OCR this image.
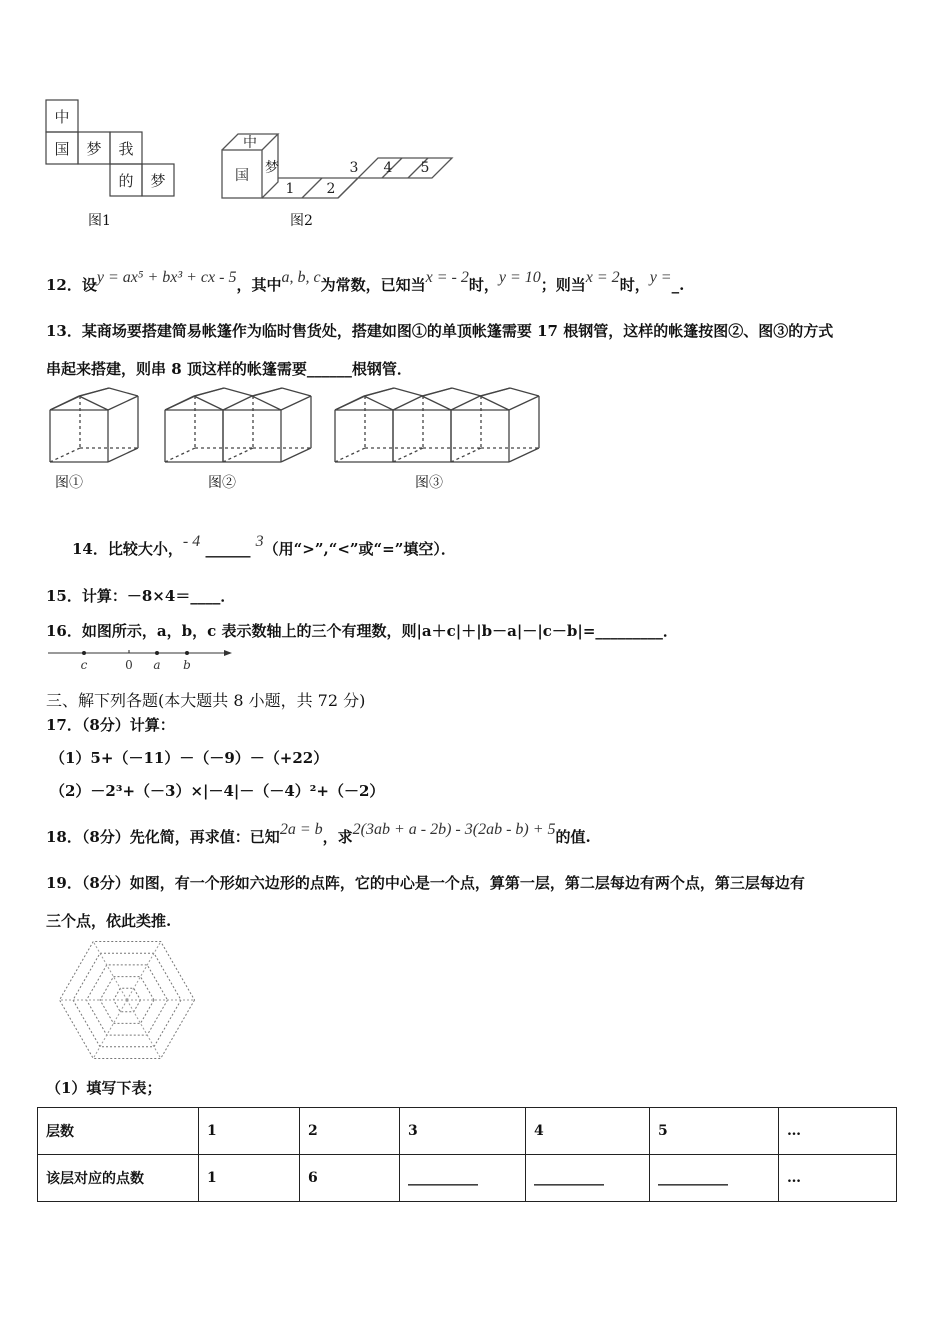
中
国 梦 我
的 梦
图1
国
中
梦
1 2
3 4 5
图2
12．设y = ax⁵ + bx³ + cx - 5，其中a, b, c为常数，已知当x = - 2时，y = 10；则当x = 2时，y =_.
13．某商场要搭建简易帐篷作为临时售货处，搭建如图①的单顶帐篷需要 17 根钢管，这样的帐篷按图②、图③的方式
串起来搭建，则串 8 顶这样的帐篷需要______根钢管．
图①	图②	图③
14．比较大小，- 4 ______ 3（用“>”,“<”或“=”填空）．
15．计算：－8×4＝____．
16．如图所示，a，b，c 表示数轴上的三个有理数，则|a＋c|＋|b－a|－|c－b|=_________．
c	0 a b
三、解下列各题(本大题共 8 小题，共 72 分)
17．（8分）计算：
（1）5+（－11）－（－9）－（+22）
（2）－2³+（－3）×|－4|－（－4）²+（－2）
18．（8分）先化简，再求值：已知2a = b，求2(3ab + a - 2b) - 3(2ab - b) + 5的值.
19．（8分）如图，有一个形如六边形的点阵，它的中心是一个点，算第一层，第二层每边有两个点，第三层每边有
三个点，依此类推.
（1）填写下表；
层数	1	2	3	4	5	…
该层对应的点数	1	6	__________	__________	__________	…
